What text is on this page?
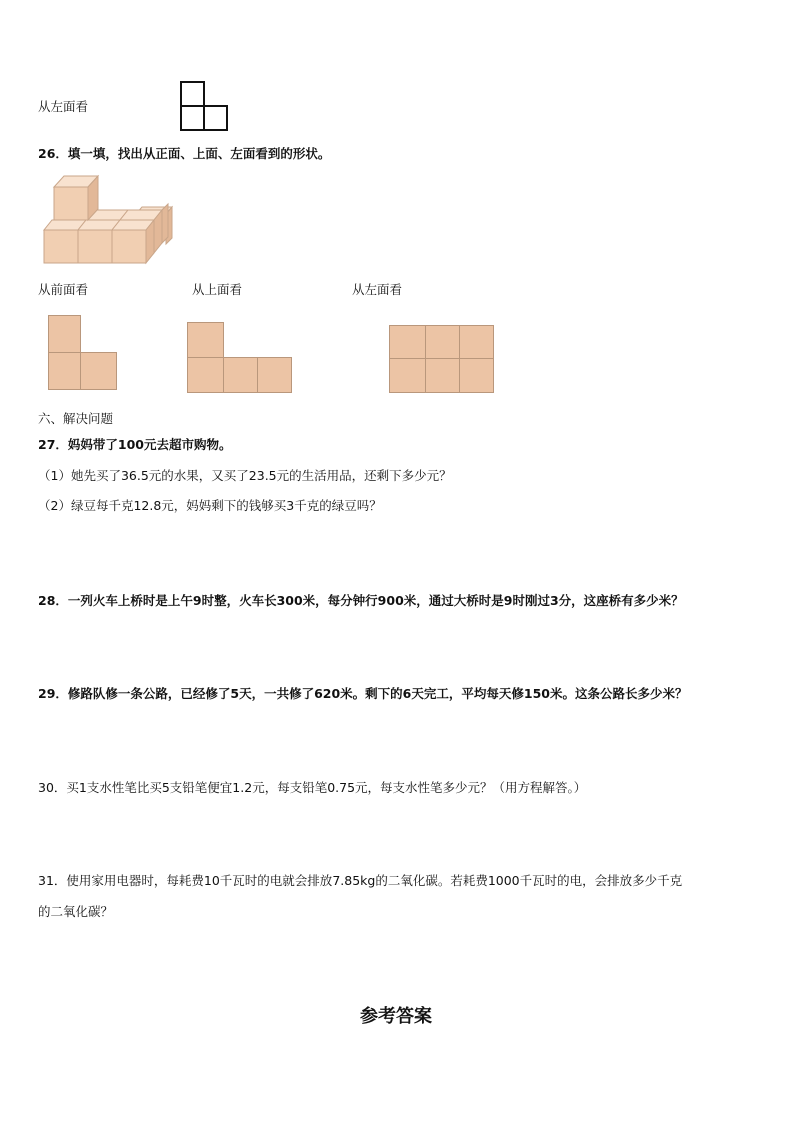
从左面看
26．填一填，找出从正面、上面、左面看到的形状。
从前面看	从上面看	从左面看
六、解决问题
27．妈妈带了100元去超市购物。
（1）她先买了36.5元的水果，又买了23.5元的生活用品，还剩下多少元？
（2）绿豆每千克12.8元，妈妈剩下的钱够买3千克的绿豆吗？
28．一列火车上桥时是上午9时整，火车长300米，每分钟行900米，通过大桥时是9时刚过3分，这座桥有多少米？
29．修路队修一条公路，已经修了5天，一共修了620米。剩下的6天完工，平均每天修150米。这条公路长多少米？
30．买1支水性笔比买5支铅笔便宜1.2元，每支铅笔0.75元，每支水性笔多少元？（用方程解答。）
31．使用家用电器时，每耗费10千瓦时的电就会排放7.85kg的二氧化碳。若耗费1000千瓦时的电，会排放多少千克
的二氧化碳？
参考答案
